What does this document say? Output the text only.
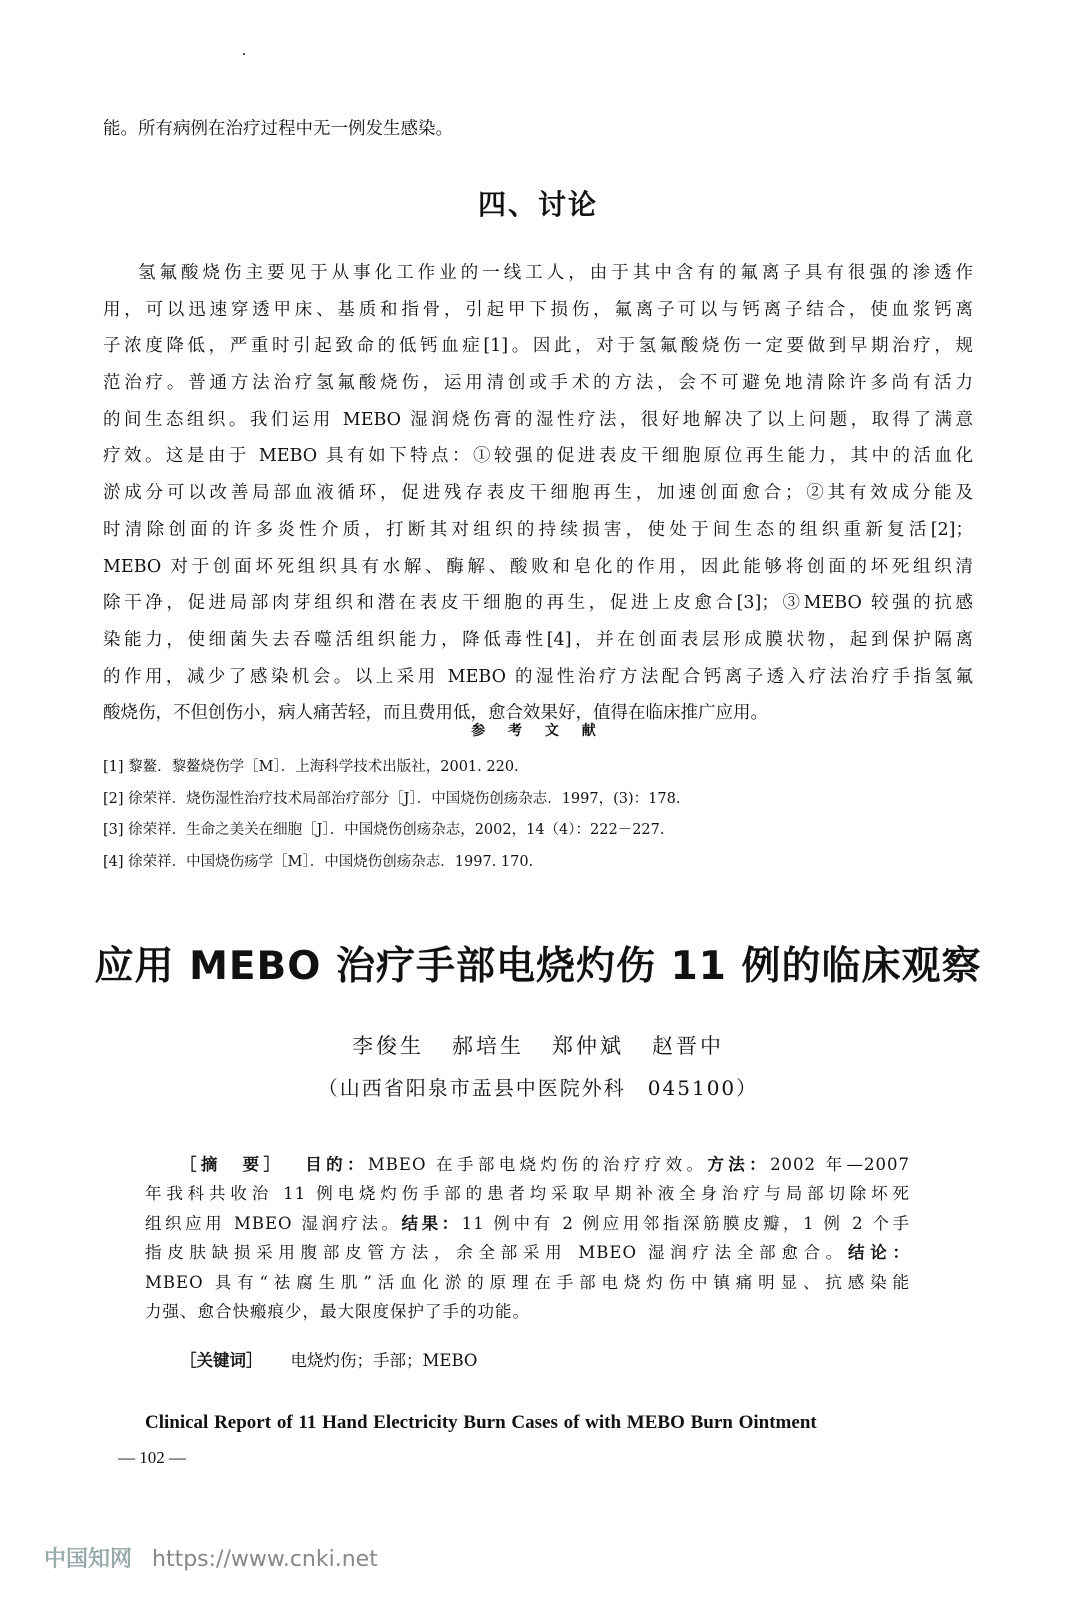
能。所有病例在治疗过程中无一例发生感染。
四、讨论
氢氟酸烧伤主要见于从事化工作业的一线工人，由于其中含有的氟离子具有很强的渗透作
用，可以迅速穿透甲床、基质和指骨，引起甲下损伤，氟离子可以与钙离子结合，使血浆钙离
子浓度降低，严重时引起致命的低钙血症[1]。因此，对于氢氟酸烧伤一定要做到早期治疗，规
范治疗。普通方法治疗氢氟酸烧伤，运用清创或手术的方法，会不可避免地清除许多尚有活力
的间生态组织。我们运用 MEBO 湿润烧伤膏的湿性疗法，很好地解决了以上问题，取得了满意
疗效。这是由于 MEBO 具有如下特点：①较强的促进表皮干细胞原位再生能力，其中的活血化
淤成分可以改善局部血液循环，促进残存表皮干细胞再生，加速创面愈合；②其有效成分能及
时清除创面的许多炎性介质，打断其对组织的持续损害，使处于间生态的组织重新复活[2]；
MEBO 对于创面坏死组织具有水解、酶解、酸败和皂化的作用，因此能够将创面的坏死组织清
除干净，促进局部肉芽组织和潜在表皮干细胞的再生，促进上皮愈合[3]；③MEBO 较强的抗感
染能力，使细菌失去吞噬活组织能力，降低毒性[4]，并在创面表层形成膜状物，起到保护隔离
的作用，减少了感染机会。以上采用 MEBO 的湿性治疗方法配合钙离子透入疗法治疗手指氢氟
酸烧伤，不但创伤小，病人痛苦轻，而且费用低，愈合效果好，值得在临床推广应用。
参 考 文 献
[1] 黎鳌．黎鳌烧伤学［M］．上海科学技术出版社，2001. 220.
[2] 徐荣祥．烧伤湿性治疗技术局部治疗部分［J］．中国烧伤创疡杂志．1997，(3)：178.
[3] 徐荣祥．生命之美关在细胞［J］．中国烧伤创疡杂志，2002，14（4）：222－227.
[4] 徐荣祥．中国烧伤疡学［M］．中国烧伤创疡杂志．1997. 170.
应用 MEBO 治疗手部电烧灼伤 11 例的临床观察
李俊生 郝培生 郑仲斌 赵晋中
（山西省阳泉市盂县中医院外科　045100）
［摘　要］  目的：MBEO 在手部电烧灼伤的治疗疗效。方法：2002 年—2007
年我科共收治 11 例电烧灼伤手部的患者均采取早期补液全身治疗与局部切除坏死
组织应用 MBEO 湿润疗法。结果：11 例中有 2 例应用邻指深筋膜皮瓣，1 例 2 个手
指皮肤缺损采用腹部皮管方法，余全部采用 MBEO 湿润疗法全部愈合。结论：
MBEO 具有“祛腐生肌”活血化淤的原理在手部电烧灼伤中镇痛明显、抗感染能
力强、愈合快瘢痕少，最大限度保护了手的功能。
［关键词］ 电烧灼伤；手部；MEBO
Clinical Report of 11 Hand Electricity Burn Cases of with MEBO Burn Ointment
— 102 —
中国知网 https://www.cnki.net
